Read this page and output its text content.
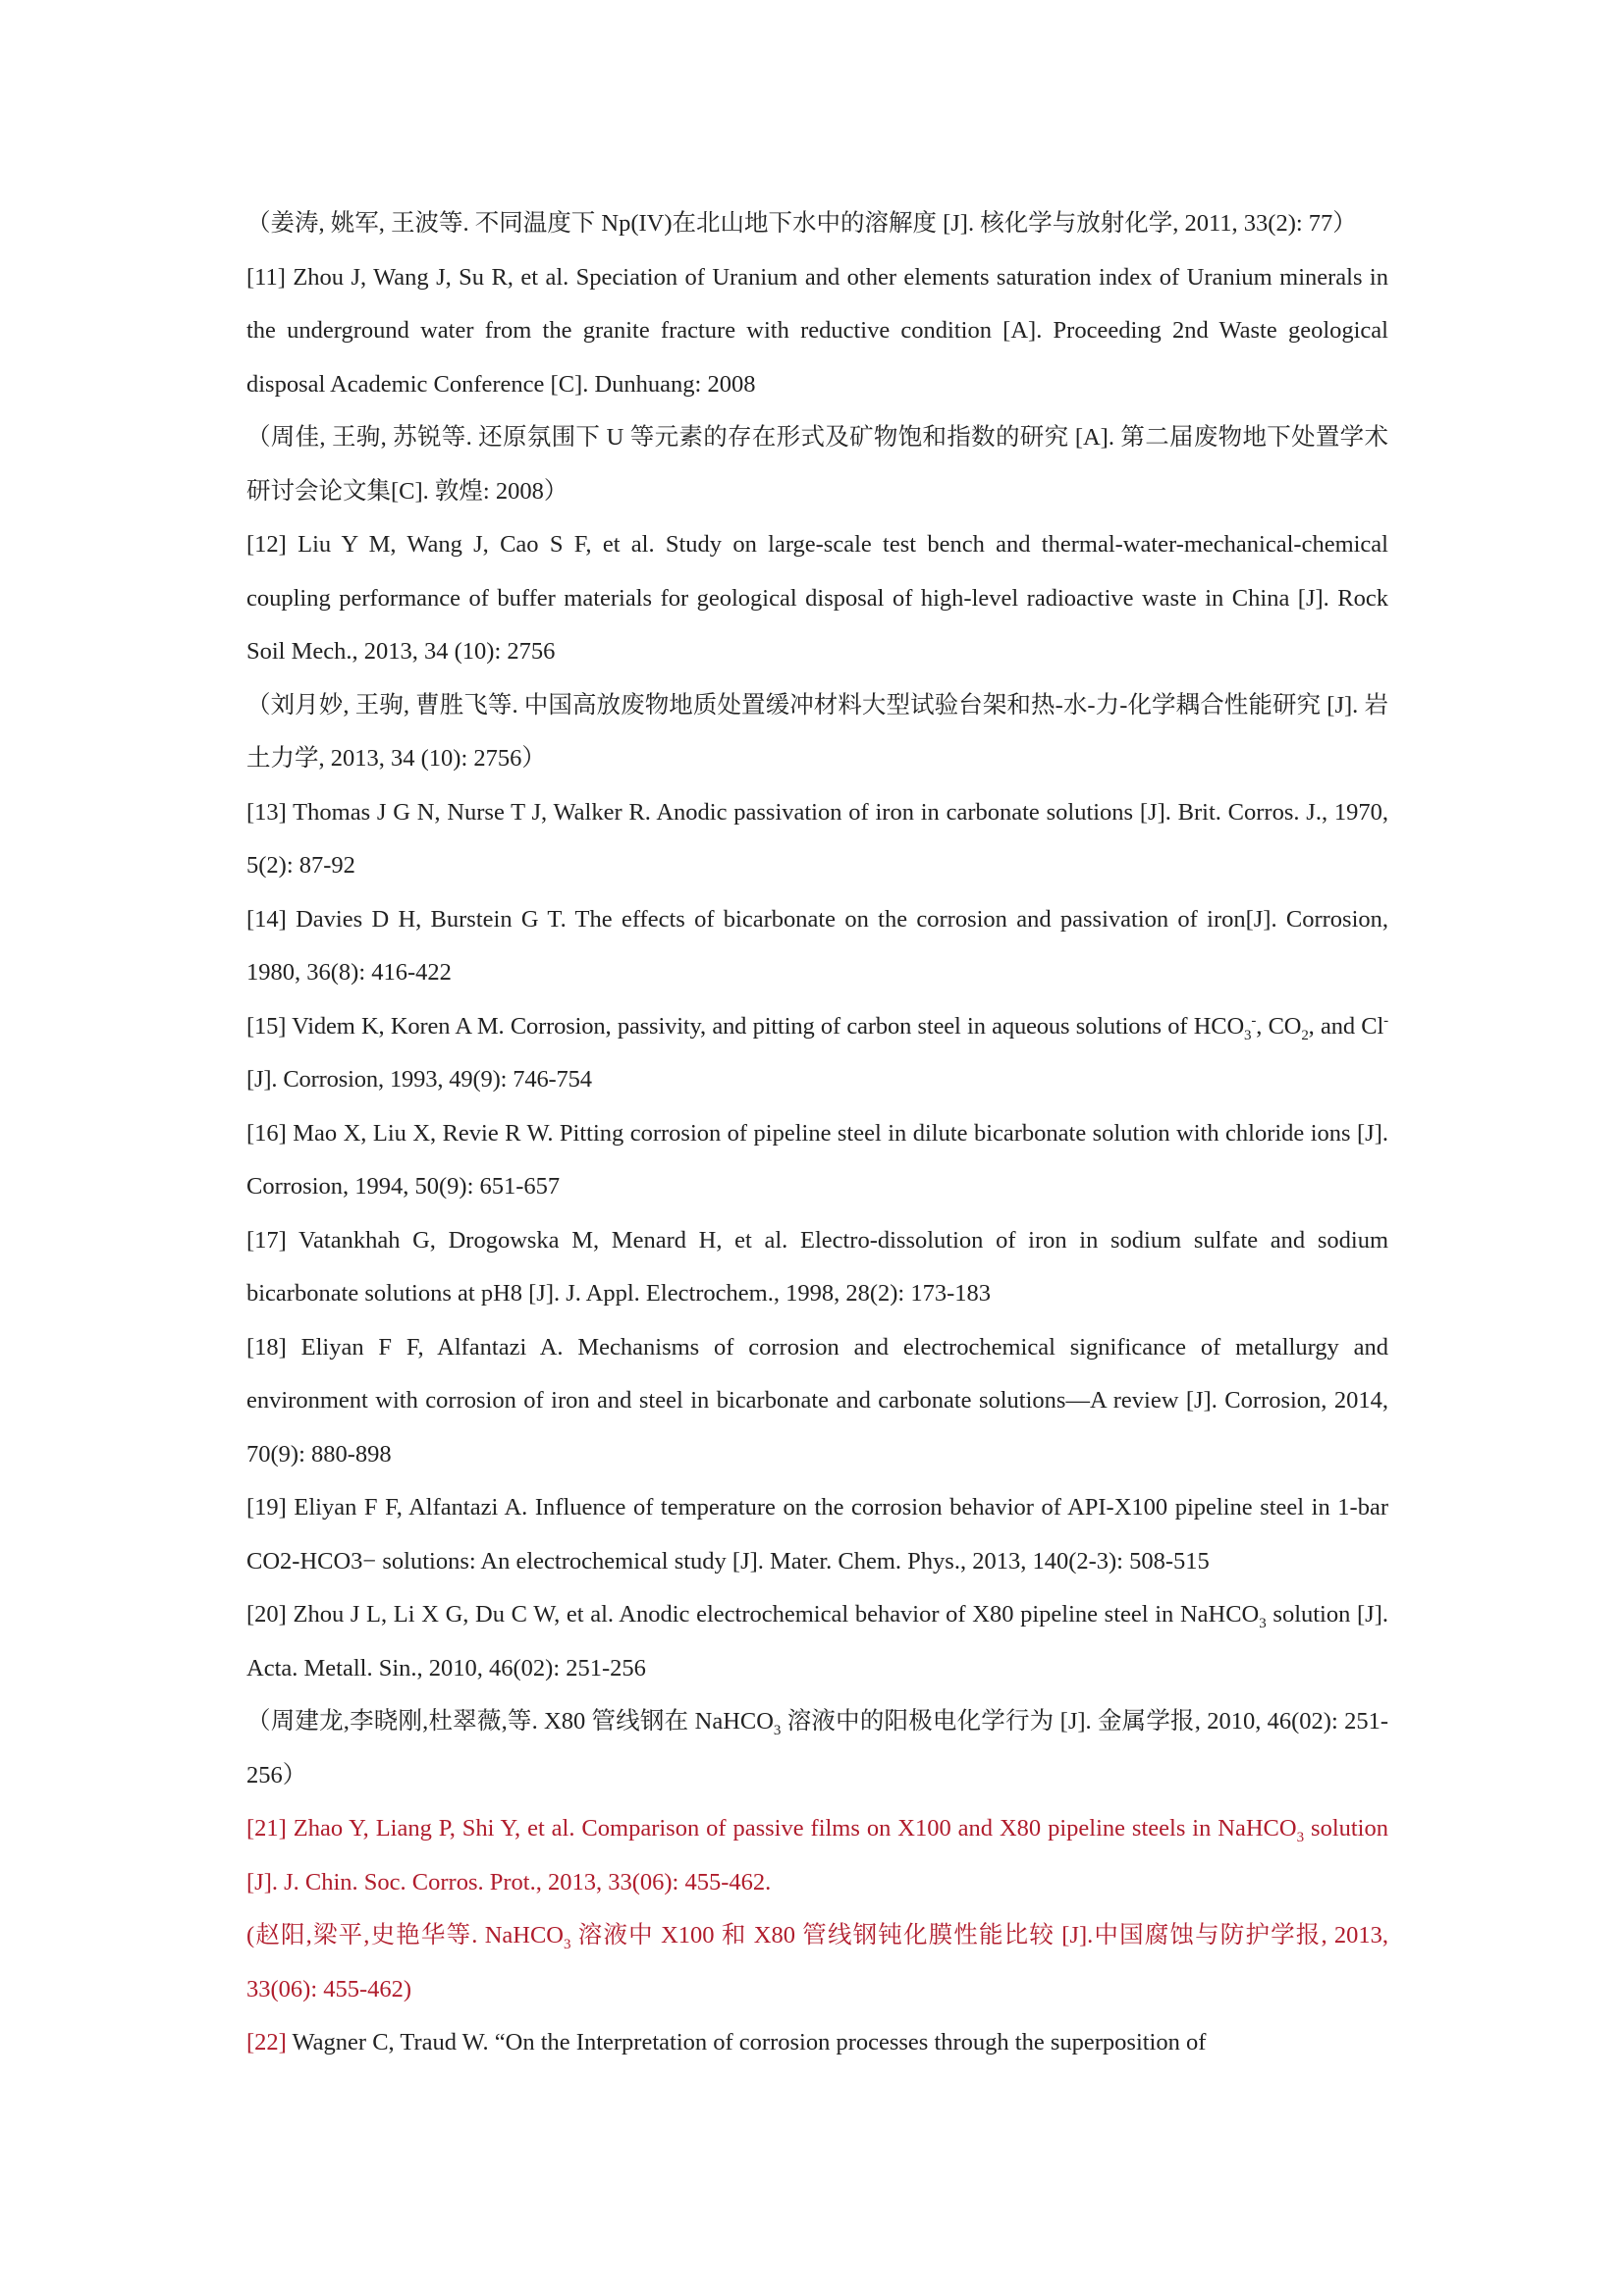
（姜涛, 姚军, 王波等. 不同温度下 Np(IV)在北山地下水中的溶解度 [J]. 核化学与放射化学, 2011, 33(2): 77）

[11] Zhou J, Wang J, Su R, et al. Speciation of Uranium and other elements saturation index of Uranium minerals in the underground water from the granite fracture with reductive condition [A]. Proceeding 2nd Waste geological disposal Academic Conference [C]. Dunhuang: 2008

（周佳, 王驹, 苏锐等. 还原氛围下 U 等元素的存在形式及矿物饱和指数的研究 [A]. 第二届废物地下处置学术研讨会论文集[C]. 敦煌: 2008）

[12] Liu Y M, Wang J, Cao S F, et al. Study on large-scale test bench and thermal-water-mechanical-chemical coupling performance of buffer materials for geological disposal of high-level radioactive waste in China [J]. Rock Soil Mech., 2013, 34 (10): 2756

（刘月妙, 王驹, 曹胜飞等. 中国高放废物地质处置缓冲材料大型试验台架和热-水-力-化学耦合性能研究 [J]. 岩土力学, 2013, 34 (10): 2756）

[13] Thomas J G N, Nurse T J, Walker R. Anodic passivation of iron in carbonate solutions [J]. Brit. Corros. J., 1970, 5(2): 87-92

[14] Davies D H, Burstein G T. The effects of bicarbonate on the corrosion and passivation of iron[J]. Corrosion, 1980, 36(8): 416-422

[15] Videm K, Koren A M. Corrosion, passivity, and pitting of carbon steel in aqueous solutions of $HCO_3^-$, $CO_2$, and Cl- [J]. Corrosion, 1993, 49(9): 746-754

[16] Mao X, Liu X, Revie R W. Pitting corrosion of pipeline steel in dilute bicarbonate solution with chloride ions [J]. Corrosion, 1994, 50(9): 651-657

[17] Vatankhah G, Drogowska M, Menard H, et al. Electro-dissolution of iron in sodium sulfate and sodium bicarbonate solutions at pH8 [J]. J. Appl. Electrochem., 1998, 28(2): 173-183

[18] Eliyan F F, Alfantazi A. Mechanisms of corrosion and electrochemical significance of metallurgy and environment with corrosion of iron and steel in bicarbonate and carbonate solutions—A review [J]. Corrosion, 2014, 70(9): 880-898

[19] Eliyan F F, Alfantazi A. Influence of temperature on the corrosion behavior of API-X100 pipeline steel in 1-bar CO2-HCO3− solutions: An electrochemical study [J]. Mater. Chem. Phys., 2013, 140(2-3): 508-515

[20] Zhou J L, Li X G, Du C W, et al. Anodic electrochemical behavior of X80 pipeline steel in NaHCO$_3$ solution [J]. Acta. Metall. Sin., 2010, 46(02): 251-256

（周建龙,李晓刚,杜翠薇,等. X80 管线钢在 NaHCO$_3$ 溶液中的阳极电化学行为 [J]. 金属学报, 2010, 46(02): 251-256）

[21] Zhao Y, Liang P, Shi Y, et al. Comparison of passive films on X100 and X80 pipeline steels in NaHCO$_3$ solution [J]. J. Chin. Soc. Corros. Prot., 2013, 33(06): 455-462.

(赵阳,梁平,史艳华等. NaHCO$_3$ 溶液中 X100 和 X80 管线钢钝化膜性能比较 [J].中国腐蚀与防护学报, 2013, 33(06): 455-462)

[22] Wagner C, Traud W. “On the Interpretation of corrosion processes through the superposition of
